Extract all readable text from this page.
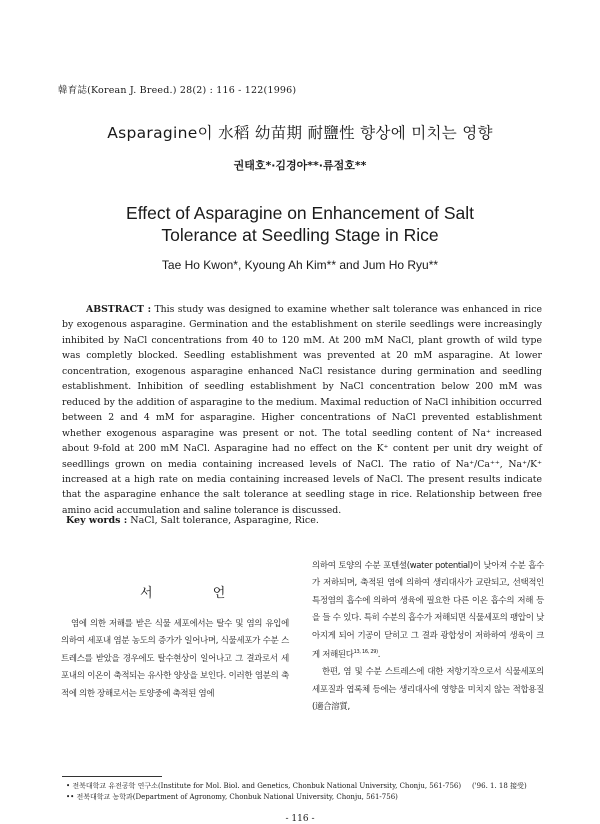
韓育誌(Korean J. Breed.) 28(2) : 116 - 122(1996)
Asparagine이 水稻 幼苗期 耐鹽性 향상에 미치는 영향
권태호*·김경아**·류점호**
Effect of Asparagine on Enhancement of Salt
Tolerance at Seedling Stage in Rice
Tae Ho Kwon*, Kyoung Ah Kim** and Jum Ho Ryu**
ABSTRACT : This study was designed to examine whether salt tolerance was enhanced in rice by exogenous asparagine. Germination and the establishment on sterile seedlings were increasingly inhibited by NaCl concentrations from 40 to 120 mM. At 200 mM NaCl, plant growth of wild type was completly blocked. Seedling establishment was prevented at 20 mM asparagine. At lower concentration, exogenous asparagine enhanced NaCl resistance during germination and seedling establishment. Inhibition of seedling establishment by NaCl concentration below 200 mM was reduced by the addition of asparagine to the medium. Maximal reduction of NaCl inhibition occurred between 2 and 4 mM for asparagine. Higher concentrations of NaCl prevented establishment whether exogenous asparagine was present or not. The total seedling content of Na⁺ increased about 9-fold at 200 mM NaCl. Asparagine had no effect on the K⁺ content per unit dry weight of seedllings grown on media containing increased levels of NaCl. The ratio of Na⁺/Ca⁺⁺, Na⁺/K⁺ increased at a high rate on media containing increased levels of NaCl. The present results indicate that the asparagine enhance the salt tolerance at seedling stage in rice. Relationship between free amino acid accumulation and saline tolerance is discussed.
Key words : NaCl, Salt tolerance, Asparagine, Rice.
서 언
염에 의한 저해를 받은 식물 세포에서는 탈수 및 염의 유입에 의하여 세포내 염분 농도의 증가가 일어나며, 식물세포가 수분 스트레스를 받았을 경우에도 탈수현상이 일어나고 그 결과로서 세포내의 이온이 축적되는 유사한 양상을 보인다. 이러한 염분의 축적에 의한 장해로서는 토양중에 축적된 염에

의하여 토양의 수분 포텐셜(water potential)이 낮아져 수분 흡수가 저하되며, 축적된 염에 의하여 생리대사가 교란되고, 선택적인 특정염의 흡수에 의하여 생육에 필요한 다른 이온 흡수의 저해 등을 들 수 있다. 특히 수분의 흡수가 저해되면 식물세포의 팽압이 낮아지게 되어 기공이 닫히고 그 결과 광합성이 저하하여 생육이 크게 저해된다$^{13, 16, 29)}$.

한편, 염 및 수분 스트레스에 대한 저항기작으로서 식물세포의 세포질과 엽록체 등에는 생리대사에 영향을 미치지 않는 적합용질(適合溶質,

• 전북대학교 유전공학 연구소(Institute for Mol. Biol. and Genetics, Chonbuk National University, Chonju, 561-756)
•• 전북대학교 농학과(Department of Agronomy, Chonbuk National University, Chonju, 561-756)
('96. 1. 18 接受)
- 116 -
